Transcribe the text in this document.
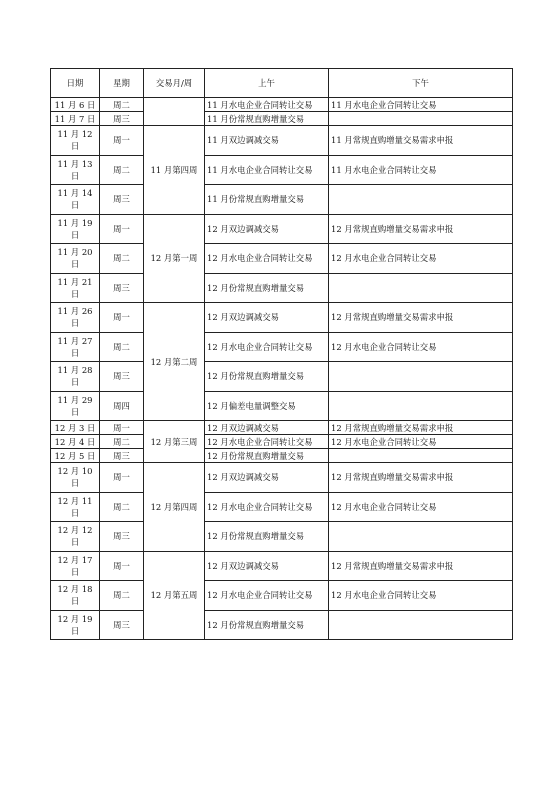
日期	星期	交易月/周	上午	下午
11 月 6 日	周二		11 月水电企业合同转让交易	11 月水电企业合同转让交易
11 月 7 日	周三		11 月份常规直购增量交易	
11 月 12 日	周一	11 月第四周	11 月双边调减交易	11 月常规直购增量交易需求申报
11 月 13 日	周二		11 月水电企业合同转让交易	11 月水电企业合同转让交易
11 月 14 日	周三		11 月份常规直购增量交易	
11 月 19 日	周一	12 月第一周	12 月双边调减交易	12 月常规直购增量交易需求申报
11 月 20 日	周二		12 月水电企业合同转让交易	12 月水电企业合同转让交易
11 月 21 日	周三		12 月份常规直购增量交易	
11 月 26 日	周一	12 月第二周	12 月双边调减交易	12 月常规直购增量交易需求申报
11 月 27 日	周二		12 月水电企业合同转让交易	12 月水电企业合同转让交易
11 月 28 日	周三		12 月份常规直购增量交易	
11 月 29 日	周四		12 月偏差电量调整交易	
12 月 3 日	周一	12 月第三周	12 月双边调减交易	12 月常规直购增量交易需求申报
12 月 4 日	周二		12 月水电企业合同转让交易	12 月水电企业合同转让交易
12 月 5 日	周三		12 月份常规直购增量交易	
12 月 10 日	周一	12 月第四周	12 月双边调减交易	12 月常规直购增量交易需求申报
12 月 11 日	周二		12 月水电企业合同转让交易	12 月水电企业合同转让交易
12 月 12 日	周三		12 月份常规直购增量交易	
12 月 17 日	周一	12 月第五周	12 月双边调减交易	12 月常规直购增量交易需求申报
12 月 18 日	周二		12 月水电企业合同转让交易	12 月水电企业合同转让交易
12 月 19 日	周三		12 月份常规直购增量交易	
